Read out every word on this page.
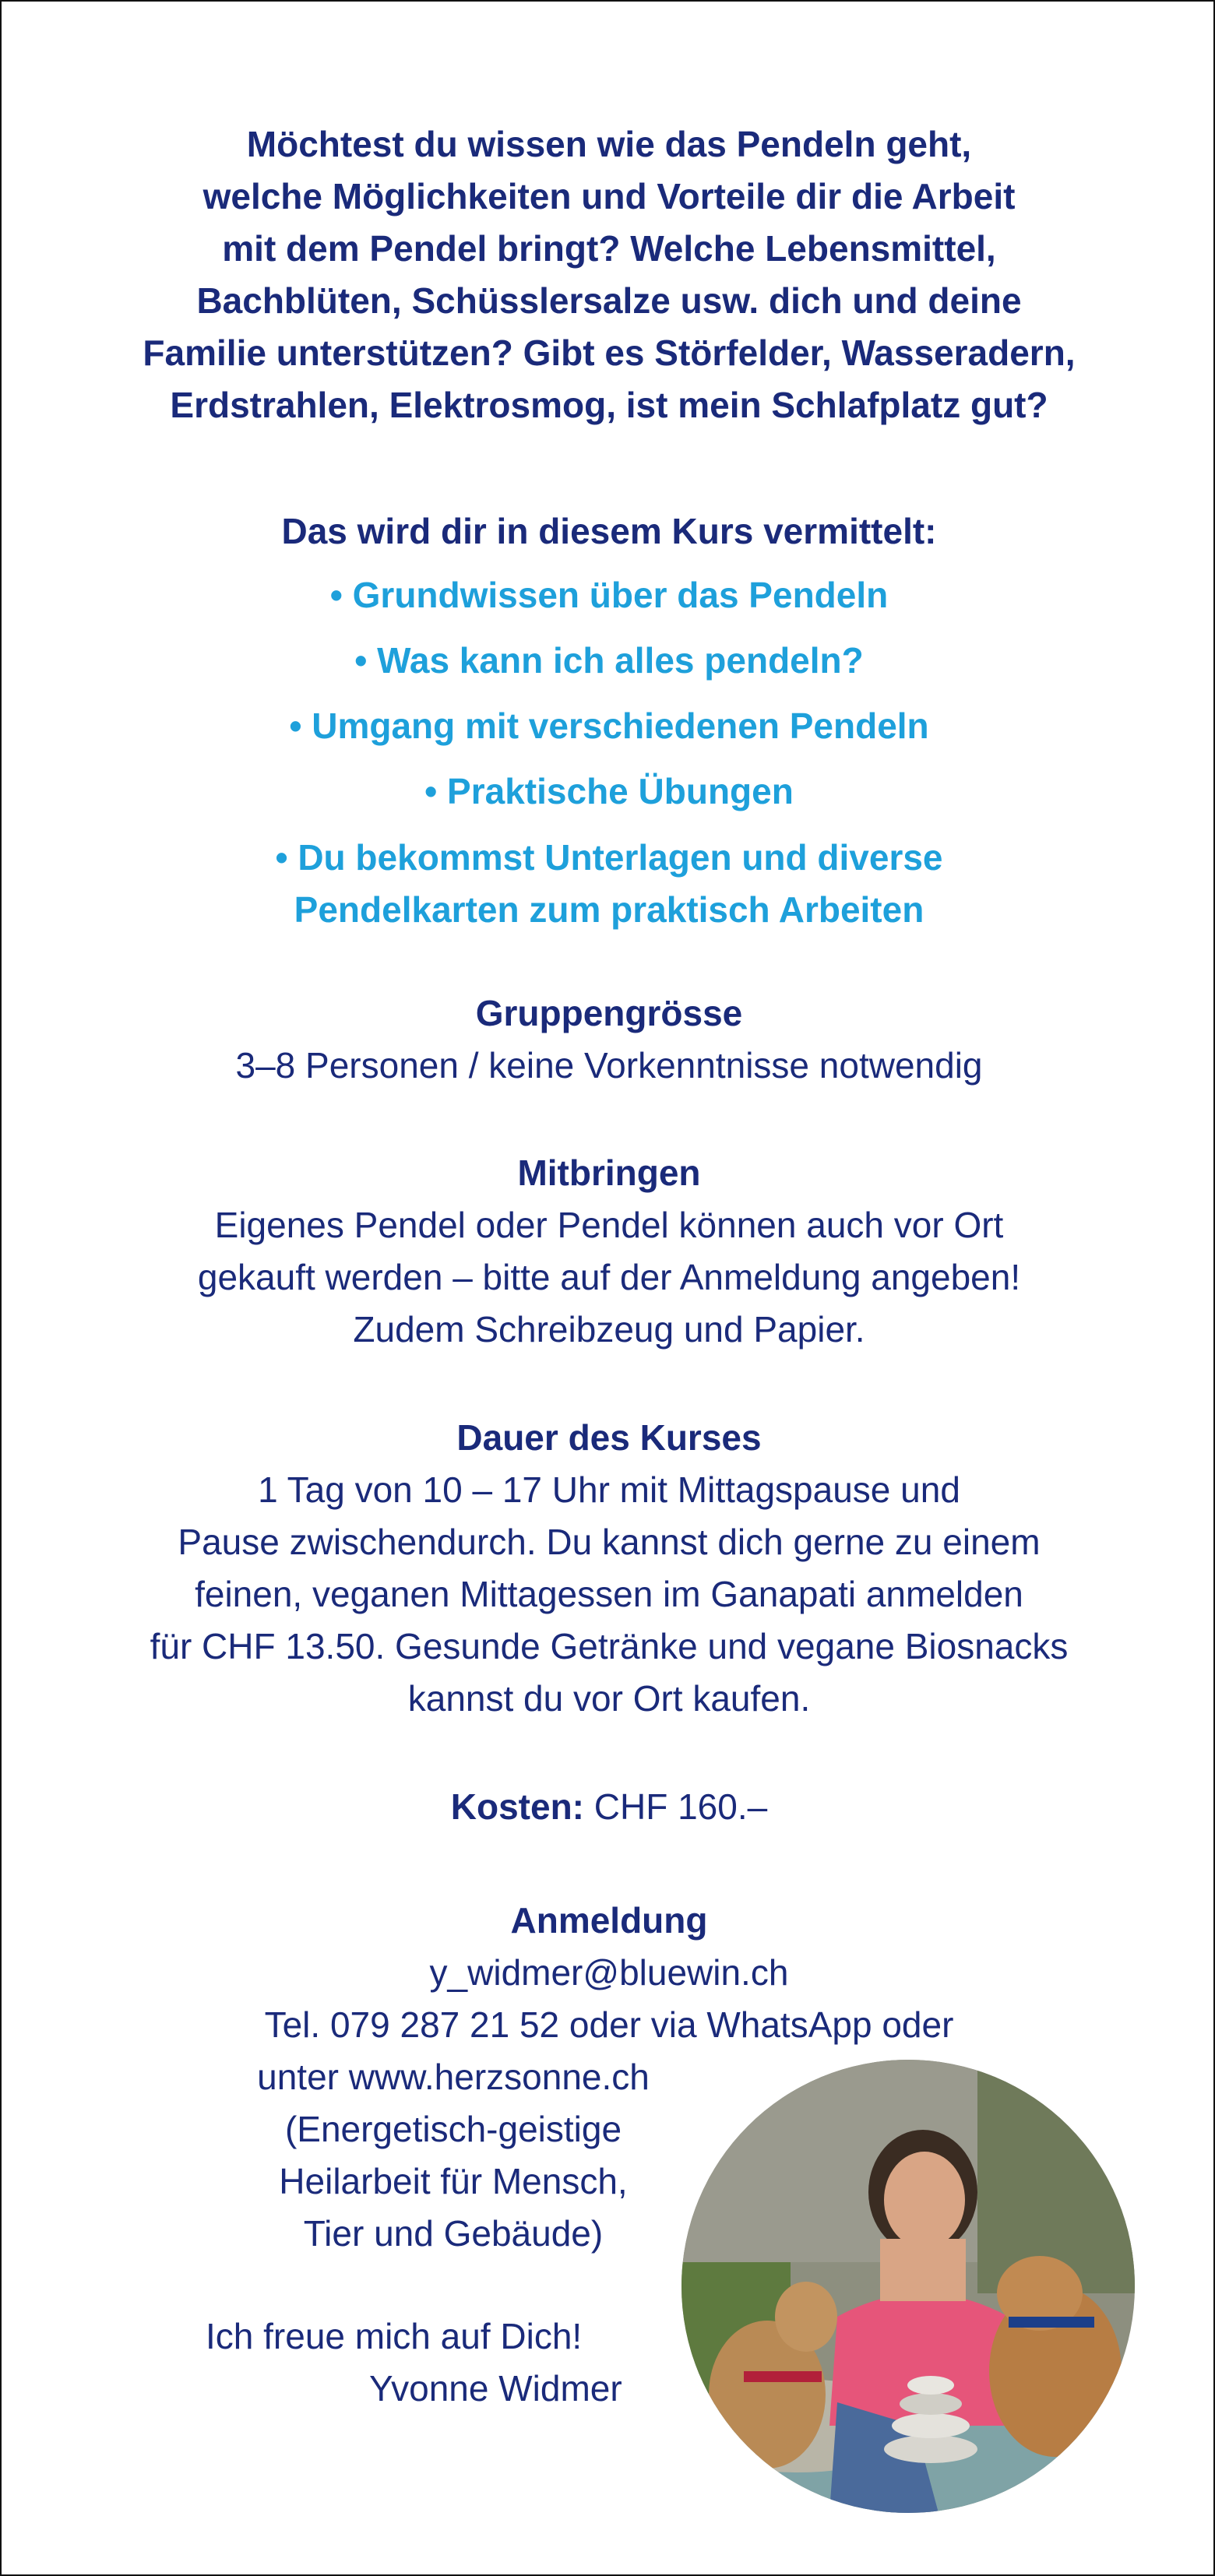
Möchtest du wissen wie das Pendeln geht,
welche Möglichkeiten und Vorteile dir die Arbeit
mit dem Pendel bringt? Welche Lebensmittel,
Bachblüten, Schüsslersalze usw. dich und deine
Familie unterstützen? Gibt es Störfelder, Wasseradern,
Erdstrahlen, Elektrosmog, ist mein Schlafplatz gut?
Das wird dir in diesem Kurs vermittelt:
• Grundwissen über das Pendeln
• Was kann ich alles pendeln?
• Umgang mit verschiedenen Pendeln
• Praktische Übungen
• Du bekommst Unterlagen und diverse
Pendelkarten zum praktisch Arbeiten
Gruppengrösse
3–8 Personen / keine Vorkenntnisse notwendig
Mitbringen
Eigenes Pendel oder Pendel können auch vor Ort
gekauft werden – bitte auf der Anmeldung angeben!
Zudem Schreibzeug und Papier.
Dauer des Kurses
1 Tag von 10 – 17 Uhr mit Mittagspause und
Pause zwischendurch. Du kannst dich gerne zu einem
feinen, veganen Mittagessen im Ganapati anmelden
für CHF 13.50. Gesunde Getränke und vegane Biosnacks
kannst du vor Ort kaufen.
Kosten: CHF 160.–
Anmeldung
y_widmer@bluewin.ch
Tel. 079 287 21 52 oder via WhatsApp oder
unter www.herzsonne.ch
(Energetisch-geistige
Heilarbeit für Mensch,
Tier und Gebäude)
Ich freue mich auf Dich!
Yvonne Widmer
